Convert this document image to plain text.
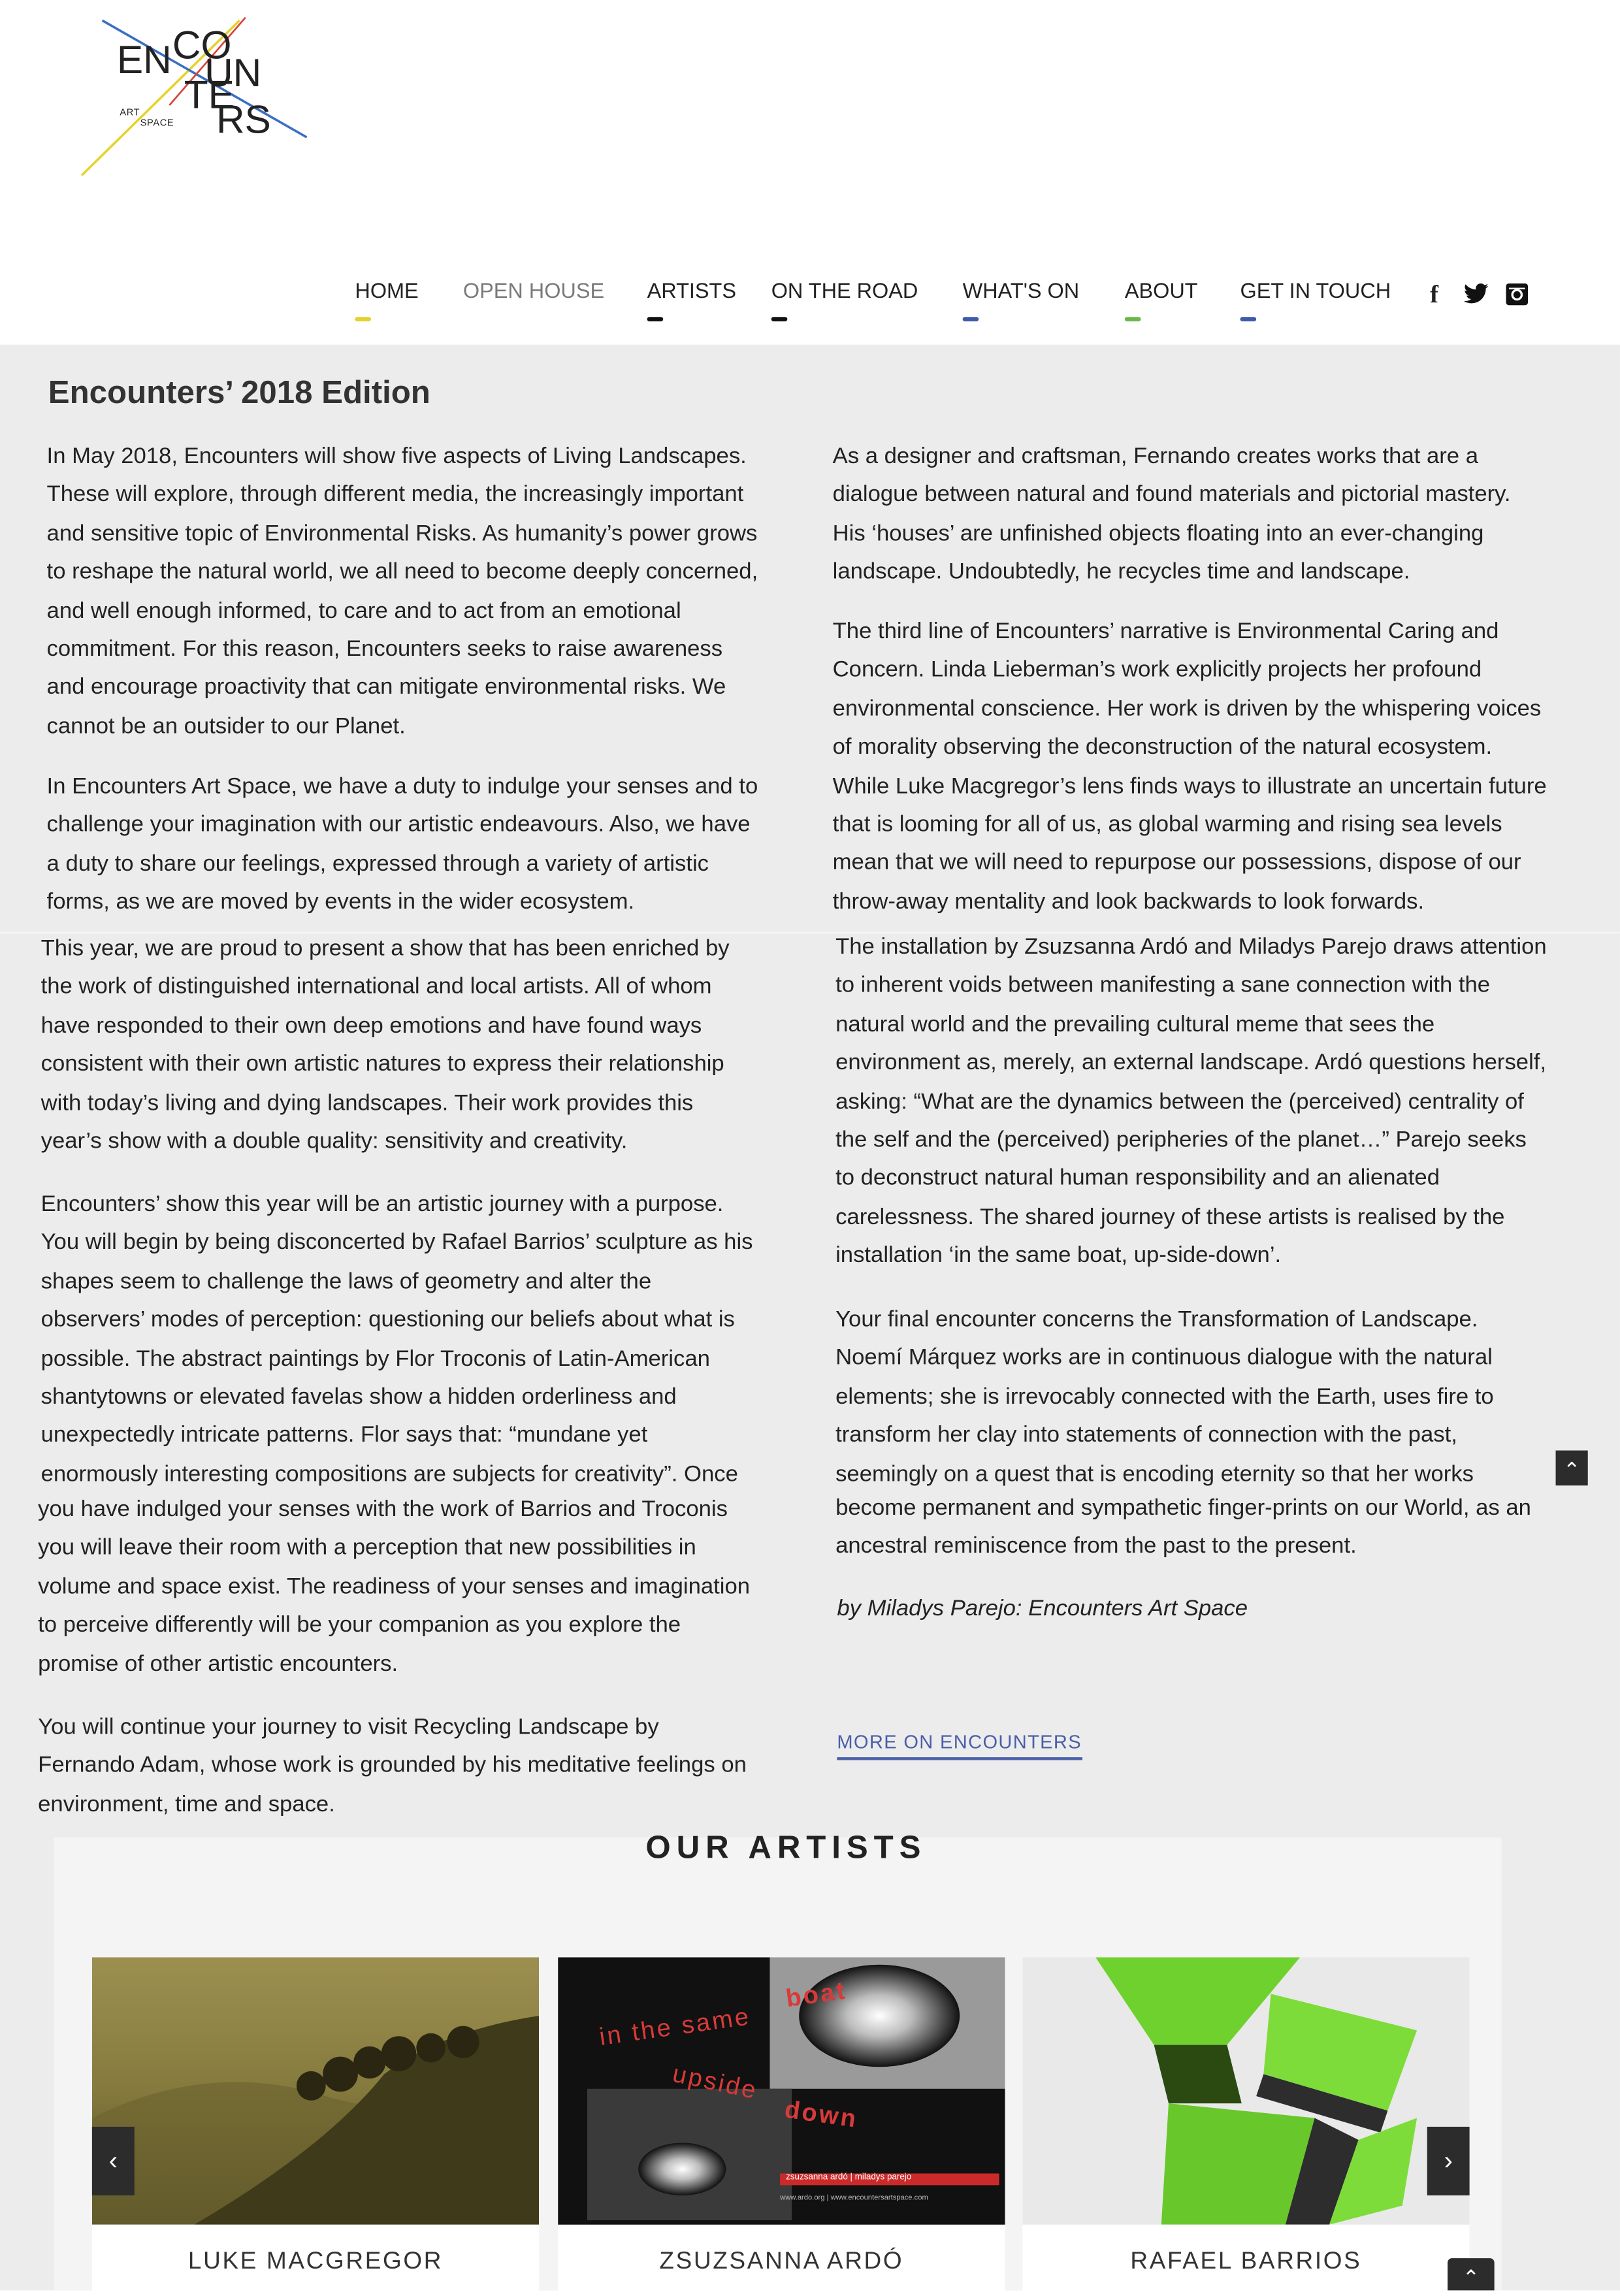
EN CO
UN
TE
RS
ART
SPACE
HOME	OPEN HOUSE	ARTISTS	ON THE ROAD	WHAT'S ON	ABOUT	GET IN TOUCH	f
Encounters’ 2018 Edition

In May 2018, Encounters will show five aspects of Living Landscapes.
These will explore, through different media, the increasingly important
and sensitive topic of Environmental Risks. As humanity’s power grows
to reshape the natural world, we all need to become deeply concerned,
and well enough informed, to care and to act from an emotional
commitment. For this reason, Encounters seeks to raise awareness
and encourage proactivity that can mitigate environmental risks. We
cannot be an outsider to our Planet.

In Encounters Art Space, we have a duty to indulge your senses and to
challenge your imagination with our artistic endeavours. Also, we have
a duty to share our feelings, expressed through a variety of artistic
forms, as we are moved by events in the wider ecosystem.

This year, we are proud to present a show that has been enriched by
the work of distinguished international and local artists. All of whom
have responded to their own deep emotions and have found ways
consistent with their own artistic natures to express their relationship
with today’s living and dying landscapes. Their work provides this
year’s show with a double quality: sensitivity and creativity.

Encounters’ show this year will be an artistic journey with a purpose.
You will begin by being disconcerted by Rafael Barrios’ sculpture as his
shapes seem to challenge the laws of geometry and alter the
observers’ modes of perception: questioning our beliefs about what is
possible. The abstract paintings by Flor Troconis of Latin-American
shantytowns or elevated favelas show a hidden orderliness and
unexpectedly intricate patterns. Flor says that: “mundane yet
enormously interesting compositions are subjects for creativity”. Once

you have indulged your senses with the work of Barrios and Troconis
you will leave their room with a perception that new possibilities in
volume and space exist. The readiness of your senses and imagination
to perceive differently will be your companion as you explore the
promise of other artistic encounters.

You will continue your journey to visit Recycling Landscape by
Fernando Adam, whose work is grounded by his meditative feelings on
environment, time and space.

As a designer and craftsman, Fernando creates works that are a
dialogue between natural and found materials and pictorial mastery.
His ‘houses’ are unfinished objects floating into an ever-changing
landscape. Undoubtedly, he recycles time and landscape.

The third line of Encounters’ narrative is Environmental Caring and
Concern. Linda Lieberman’s work explicitly projects her profound
environmental conscience. Her work is driven by the whispering voices
of morality observing the deconstruction of the natural ecosystem.
While Luke Macgregor’s lens finds ways to illustrate an uncertain future
that is looming for all of us, as global warming and rising sea levels
mean that we will need to repurpose our possessions, dispose of our
throw-away mentality and look backwards to look forwards.

The installation by Zsuzsanna Ardó and Miladys Parejo draws attention
to inherent voids between manifesting a sane connection with the
natural world and the prevailing cultural meme that sees the
environment as, merely, an external landscape. Ardó questions herself,
asking: “What are the dynamics between the (perceived) centrality of
the self and the (perceived) peripheries of the planet…” Parejo seeks
to deconstruct natural human responsibility and an alienated
carelessness. The shared journey of these artists is realised by the
installation ‘in the same boat, up-side-down’.

Your final encounter concerns the Transformation of Landscape.
Noemí Márquez works are in continuous dialogue with the natural
elements; she is irrevocably connected with the Earth, uses fire to
transform her clay into statements of connection with the past,
seemingly on a quest that is encoding eternity so that her works

become permanent and sympathetic finger-prints on our World, as an
ancestral reminiscence from the past to the present.

by Miladys Parejo: Encounters Art Space

MORE ON ENCOUNTERS
⌃
OUR ARTISTS
LUKE MACGREGOR
in the same
boat
upside
down
zsuzsanna ardó | miladys parejo
www.ardo.org | www.encountersartspace.com
ZSUZSANNA ARDÓ	RAFAEL BARRIOS
‹	›
⌃
